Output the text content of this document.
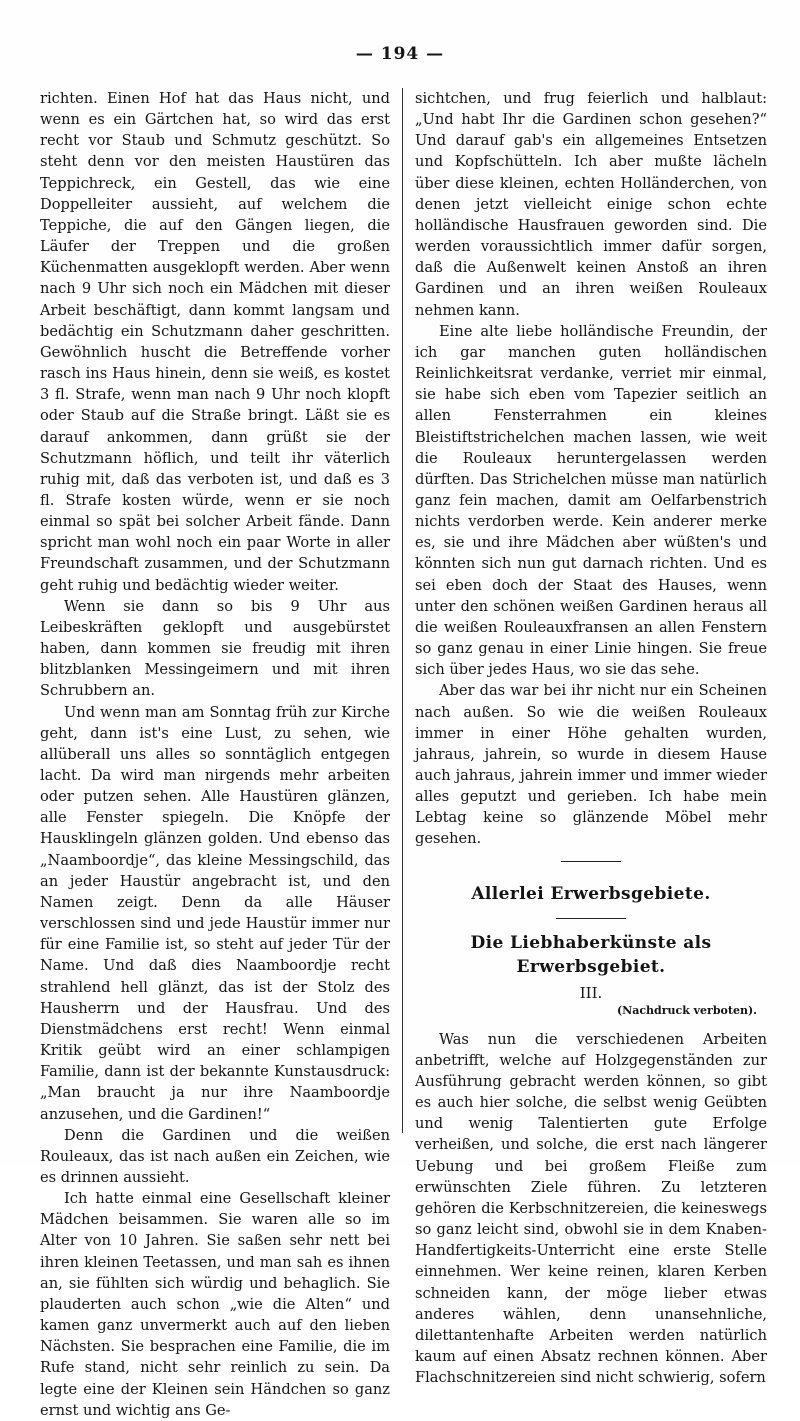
— 194 —

richten. Einen Hof hat das Haus nicht, und wenn es ein Gärtchen hat, so wird das erst recht vor Staub und Schmutz geschützt. So steht denn vor den meisten Haustüren das Teppichreck, ein Gestell, das wie eine Doppelleiter aussieht, auf welchem die Teppiche, die auf den Gängen liegen, die Läufer der Treppen und die großen Küchenmatten ausgeklopft werden. Aber wenn nach 9 Uhr sich noch ein Mädchen mit dieser Arbeit beschäftigt, dann kommt langsam und bedächtig ein Schutzmann daher geschritten. Gewöhnlich huscht die Betreffende vorher rasch ins Haus hinein, denn sie weiß, es kostet 3 fl. Strafe, wenn man nach 9 Uhr noch klopft oder Staub auf die Straße bringt. Läßt sie es darauf ankommen, dann grüßt sie der Schutzmann höflich, und teilt ihr väterlich ruhig mit, daß das verboten ist, und daß es 3 fl. Strafe kosten würde, wenn er sie noch einmal so spät bei solcher Arbeit fände. Dann spricht man wohl noch ein paar Worte in aller Freundschaft zusammen, und der Schutzmann geht ruhig und bedächtig wieder weiter.

Wenn sie dann so bis 9 Uhr aus Leibeskräften geklopft und ausgebürstet haben, dann kommen sie freudig mit ihren blitzblanken Messingeimern und mit ihren Schrubbern an.

Und wenn man am Sonntag früh zur Kirche geht, dann ist's eine Lust, zu sehen, wie allüberall uns alles so sonntäglich entgegen lacht. Da wird man nirgends mehr arbeiten oder putzen sehen. Alle Haustüren glänzen, alle Fenster spiegeln. Die Knöpfe der Hausklingeln glänzen golden. Und ebenso das „Naamboordje“, das kleine Messingschild, das an jeder Haustür angebracht ist, und den Namen zeigt. Denn da alle Häuser verschlossen sind und jede Haustür immer nur für eine Familie ist, so steht auf jeder Tür der Name. Und daß dies Naamboordje recht strahlend hell glänzt, das ist der Stolz des Hausherrn und der Hausfrau. Und des Dienstmädchens erst recht! Wenn einmal Kritik geübt wird an einer schlampigen Familie, dann ist der bekannte Kunstausdruck: „Man braucht ja nur ihre Naamboordje anzusehen, und die Gardinen!“

Denn die Gardinen und die weißen Rouleaux, das ist nach außen ein Zeichen, wie es drinnen aussieht.

Ich hatte einmal eine Gesellschaft kleiner Mädchen beisammen. Sie waren alle so im Alter von 10 Jahren. Sie saßen sehr nett bei ihren kleinen Teetassen, und man sah es ihnen an, sie fühlten sich würdig und behaglich. Sie plauderten auch schon „wie die Alten“ und kamen ganz unvermerkt auch auf den lieben Nächsten. Sie besprachen eine Familie, die im Rufe stand, nicht sehr reinlich zu sein. Da legte eine der Kleinen sein Händchen so ganz ernst und wichtig ans Ge-

sichtchen, und frug feierlich und halblaut: „Und habt Ihr die Gardinen schon gesehen?“ Und darauf gab's ein allgemeines Entsetzen und Kopfschütteln. Ich aber mußte lächeln über diese kleinen, echten Holländerchen, von denen jetzt vielleicht einige schon echte holländische Hausfrauen geworden sind. Die werden voraussichtlich immer dafür sorgen, daß die Außenwelt keinen Anstoß an ihren Gardinen und an ihren weißen Rouleaux nehmen kann.

Eine alte liebe holländische Freundin, der ich gar manchen guten holländischen Reinlichkeitsrat verdanke, verriet mir einmal, sie habe sich eben vom Tapezier seitlich an allen Fensterrahmen ein kleines Bleistiftstrichelchen machen lassen, wie weit die Rouleaux heruntergelassen werden dürften. Das Strichelchen müsse man natürlich ganz fein machen, damit am Oelfarbenstrich nichts verdorben werde. Kein anderer merke es, sie und ihre Mädchen aber wüßten's und könnten sich nun gut darnach richten. Und es sei eben doch der Staat des Hauses, wenn unter den schönen weißen Gardinen heraus all die weißen Rouleauxfransen an allen Fenstern so ganz genau in einer Linie hingen. Sie freue sich über jedes Haus, wo sie das sehe.

Aber das war bei ihr nicht nur ein Scheinen nach außen. So wie die weißen Rouleaux immer in einer Höhe gehalten wurden, jahraus, jahrein, so wurde in diesem Hause auch jahraus, jahrein immer und immer wieder alles geputzt und gerieben. Ich habe mein Lebtag keine so glänzende Möbel mehr gesehen.

Allerlei Erwerbsgebiete.
Die Liebhaberkünste als Erwerbsgebiet.
III.
(Nachdruck verboten).

Was nun die verschiedenen Arbeiten anbetrifft, welche auf Holzgegenständen zur Ausführung gebracht werden können, so gibt es auch hier solche, die selbst wenig Geübten und wenig Talentierten gute Erfolge verheißen, und solche, die erst nach längerer Uebung und bei großem Fleiße zum erwünschten Ziele führen. Zu letzteren gehören die Kerbschnitzereien, die keineswegs so ganz leicht sind, obwohl sie in dem Knaben-Handfertigkeits-Unterricht eine erste Stelle einnehmen. Wer keine reinen, klaren Kerben schneiden kann, der möge lieber etwas anderes wählen, denn unansehnliche, dilettantenhafte Arbeiten werden natürlich kaum auf einen Absatz rechnen können. Aber Flachschnitzereien sind nicht schwierig, sofern
